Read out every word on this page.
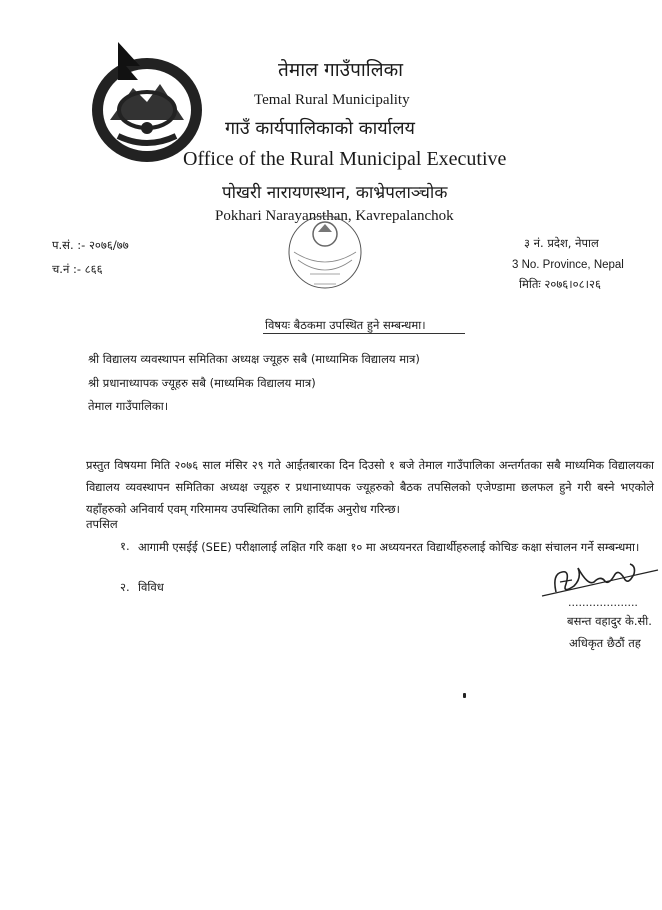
तेमाल गाउँपालिका
Temal Rural Municipality
गाउँ कार्यपालिकाको कार्यालय
Office of the Rural Municipal Executive
पोखरी नारायणस्थान, काभ्रेपलाञ्चोक
Pokhari Narayansthan, Kavrepalanchok
प.सं. :- २०७६/७७
च.नं :- ८६६
३ नं. प्रदेश, नेपाल
3 No. Province, Nepal
मितिः २०७६।०८।२६
विषयः बैठकमा उपस्थित हुने सम्बन्धमा।
श्री विद्यालय व्यवस्थापन समितिका अध्यक्ष ज्यूहरु सबै (माध्यामिक विद्यालय मात्र)
श्री प्रधानाध्यापक ज्यूहरु सबै (माध्यमिक विद्यालय मात्र)
तेमाल गाउँपालिका।
प्रस्तुत विषयमा मिति २०७६ साल मंसिर २९ गते आईतबारका दिन दिउसो १ बजे तेमाल गाउँपालिका अन्तर्गतका सबै माध्यमिक विद्यालयका विद्यालय व्यवस्थापन समितिका अध्यक्ष ज्यूहरु र प्रधानाध्यापक ज्यूहरुको बैठक तपसिलको एजेण्डामा छलफल हुने गरी बस्ने भएकोले यहाँहरुको अनिवार्य एवम् गरिमामय उपस्थितिका लागि हार्दिक अनुरोध गरिन्छ।
तपसिल
१. आगामी एसईई (SEE) परीक्षालाई लक्षित गरि कक्षा १० मा अध्ययनरत विद्यार्थीहरुलाई कोचिङ कक्षा संचालन गर्ने सम्बन्धमा।
२. विविध
....................
बसन्त वहादुर के.सी.
अधिकृत छैठौं तह
